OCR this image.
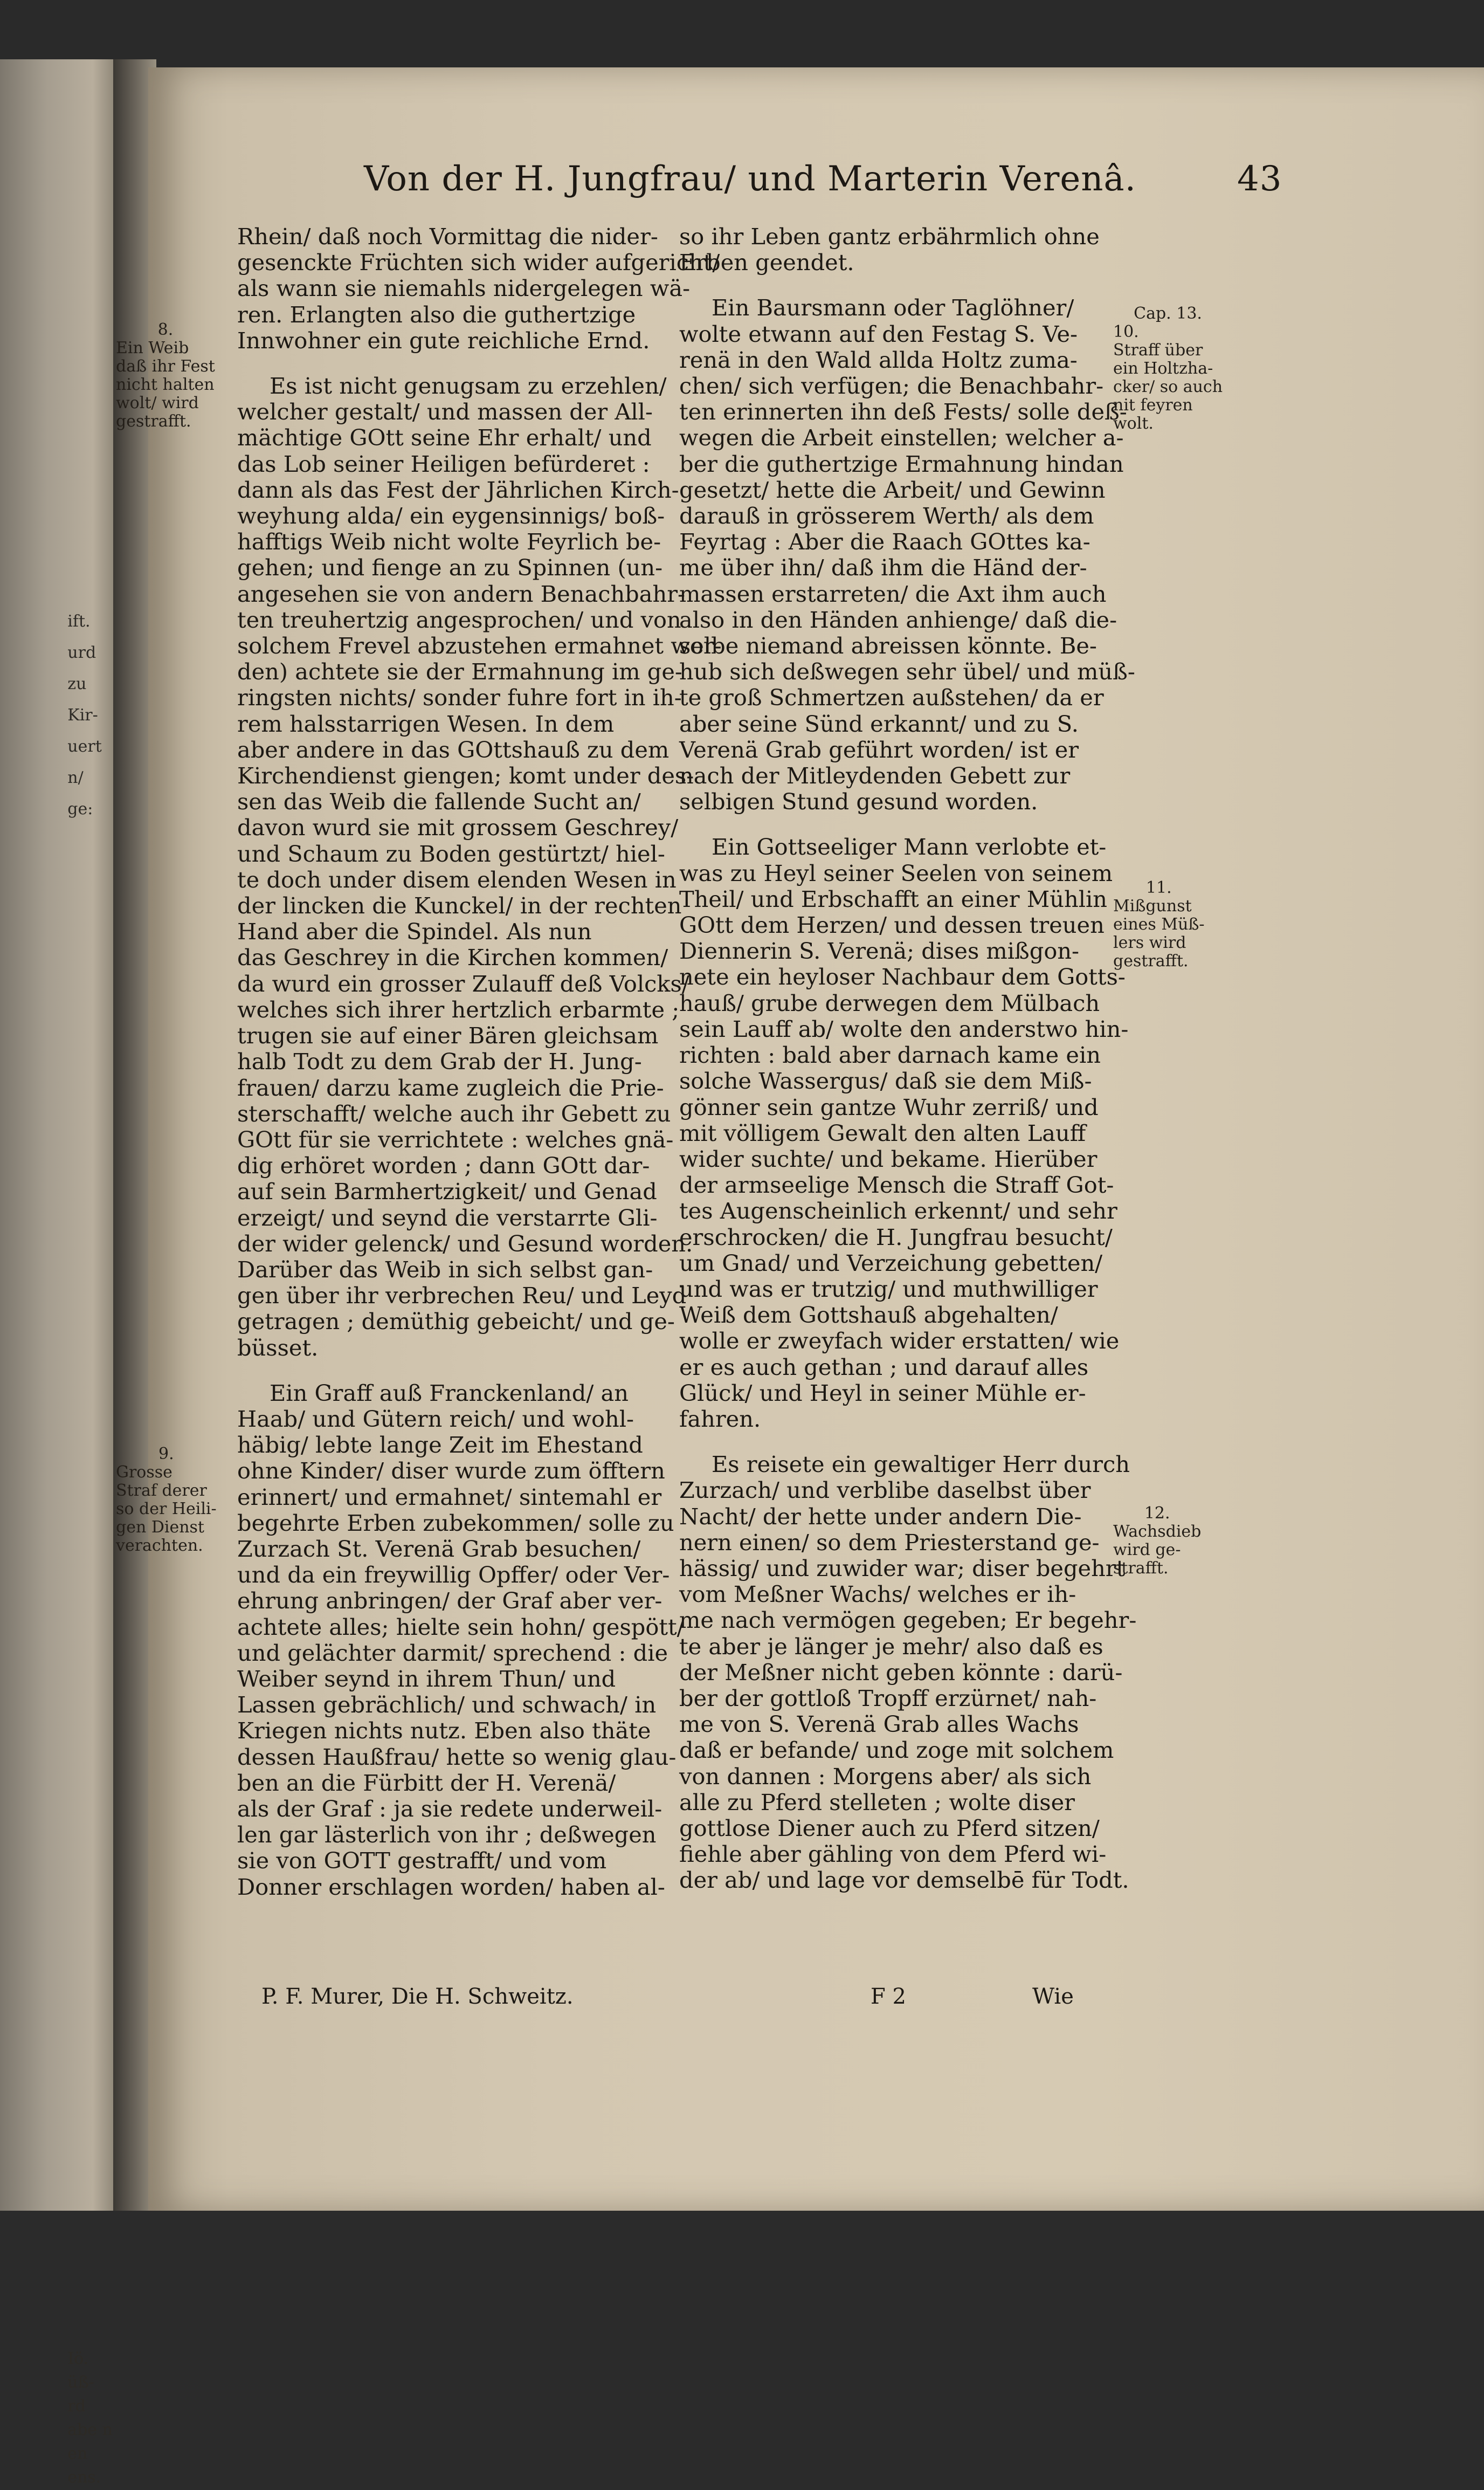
ift.
urd
zu
Kir-
uert
n/
ge:

Iö.
üß-
rd
abe n
en
ens.
Von der H. Jungfrau/ und Marterin Verenâ.	43

Rhein/ daß noch Vormittag die nider-
gesenckte Früchten sich wider aufgericht/
als wann sie niemahls nidergelegen wä-
ren. Erlangten also die guthertzige
Innwohner ein gute reichliche Ernd.

Es ist nicht genugsam zu erzehlen/
welcher gestalt/ und massen der All-
mächtige GOtt seine Ehr erhalt/ und
das Lob seiner Heiligen befürderet :
dann als das Fest der Jährlichen Kirch-
weyhung alda/ ein eygensinnigs/ boß-
hafftigs Weib nicht wolte Feyrlich be-
gehen; und fienge an zu Spinnen (un-
angesehen sie von andern Benachbahr-
ten treuhertzig angesprochen/ und von
solchem Frevel abzustehen ermahnet wor-
den) achtete sie der Ermahnung im ge-
ringsten nichts/ sonder fuhre fort in ih-
rem halsstarrigen Wesen. In dem
aber andere in das GOttshauß zu dem
Kirchendienst giengen; komt under des-
sen das Weib die fallende Sucht an/
davon wurd sie mit grossem Geschrey/
und Schaum zu Boden gestürtzt/ hiel-
te doch under disem elenden Wesen in
der lincken die Kunckel/ in der rechten
Hand aber die Spindel. Als nun
das Geschrey in die Kirchen kommen/
da wurd ein grosser Zulauff deß Volcks/
welches sich ihrer hertzlich erbarmte ;
trugen sie auf einer Bären gleichsam
halb Todt zu dem Grab der H. Jung-
frauen/ darzu kame zugleich die Prie-
sterschafft/ welche auch ihr Gebett zu
GOtt für sie verrichtete : welches gnä-
dig erhöret worden ; dann GOtt dar-
auf sein Barmhertzigkeit/ und Genad
erzeigt/ und seynd die verstarrte Gli-
der wider gelenck/ und Gesund worden.
Darüber das Weib in sich selbst gan-
gen über ihr verbrechen Reu/ und Leyd
getragen ; demüthig gebeicht/ und ge-
büsset.

Ein Graff auß Franckenland/ an
Haab/ und Gütern reich/ und wohl-
häbig/ lebte lange Zeit im Ehestand
ohne Kinder/ diser wurde zum öfftern
erinnert/ und ermahnet/ sintemahl er
begehrte Erben zubekommen/ solle zu
Zurzach St. Verenä Grab besuchen/
und da ein freywillig Opffer/ oder Ver-
ehrung anbringen/ der Graf aber ver-
achtete alles; hielte sein hohn/ gespött/
und gelächter darmit/ sprechend : die
Weiber seynd in ihrem Thun/ und
Lassen gebrächlich/ und schwach/ in
Kriegen nichts nutz. Eben also thäte
dessen Haußfrau/ hette so wenig glau-
ben an die Fürbitt der H. Verenä/
als der Graf : ja sie redete underweil-
len gar lästerlich von ihr ; deßwegen
sie von GOTT gestrafft/ und vom
Donner erschlagen worden/ haben al-

so ihr Leben gantz erbährmlich ohne
Erben geendet.

Ein Baursmann oder Taglöhner/
wolte etwann auf den Festag S. Ve-
renä in den Wald allda Holtz zuma-
chen/ sich verfügen; die Benachbahr-
ten erinnerten ihn deß Fests/ solle deß-
wegen die Arbeit einstellen; welcher a-
ber die guthertzige Ermahnung hindan
gesetzt/ hette die Arbeit/ und Gewinn
darauß in grösserem Werth/ als dem
Feyrtag : Aber die Raach GOttes ka-
me über ihn/ daß ihm die Händ der-
massen erstarreten/ die Axt ihm auch
also in den Händen anhienge/ daß die-
selbe niemand abreissen könnte. Be-
hub sich deßwegen sehr übel/ und müß-
te groß Schmertzen außstehen/ da er
aber seine Sünd erkannt/ und zu S.
Verenä Grab geführt worden/ ist er
nach der Mitleydenden Gebett zur
selbigen Stund gesund worden.

Ein Gottseeliger Mann verlobte et-
was zu Heyl seiner Seelen von seinem
Theil/ und Erbschafft an einer Mühlin
GOtt dem Herzen/ und dessen treuen
Diennerin S. Verenä; dises mißgon-
nete ein heyloser Nachbaur dem Gotts-
hauß/ grube derwegen dem Mülbach
sein Lauff ab/ wolte den anderstwo hin-
richten : bald aber darnach kame ein
solche Wassergus/ daß sie dem Miß-
gönner sein gantze Wuhr zerriß/ und
mit völligem Gewalt den alten Lauff
wider suchte/ und bekame. Hierüber
der armseelige Mensch die Straff Got-
tes Augenscheinlich erkennt/ und sehr
erschrocken/ die H. Jungfrau besucht/
um Gnad/ und Verzeichung gebetten/
und was er trutzig/ und muthwilliger
Weiß dem Gottshauß abgehalten/
wolle er zweyfach wider erstatten/ wie
er es auch gethan ; und darauf alles
Glück/ und Heyl in seiner Mühle er-
fahren.

Es reisete ein gewaltiger Herr durch
Zurzach/ und verblibe daselbst über
Nacht/ der hette under andern Die-
nern einen/ so dem Priesterstand ge-
hässig/ und zuwider war; diser begehrt
vom Meßner Wachs/ welches er ih-
me nach vermögen gegeben; Er begehr-
te aber je länger je mehr/ also daß es
der Meßner nicht geben könnte : darü-
ber der gottloß Tropff erzürnet/ nah-
me von S. Verenä Grab alles Wachs
daß er befande/ und zoge mit solchem
von dannen : Morgens aber/ als sich
alle zu Pferd stelleten ; wolte diser
gottlose Diener auch zu Pferd sitzen/
fiehle aber gähling von dem Pferd wi-
der ab/ und lage vor demselbē für Todt.

8.
Ein Weib
daß ihr Fest
nicht halten
wolt/ wird
gestrafft.
9.
Grosse
Straf derer
so der Heili-
gen Dienst
verachten.
Cap. 13.
10.
Straff über
ein Holtzha-
cker/ so auch
nit feyren
wolt.
11.
Mißgunst
eines Müß-
lers wird
gestrafft.
12.
Wachsdieb
wird ge-
strafft.
P. F. Murer, Die H. Schweitz.	F 2	Wie
